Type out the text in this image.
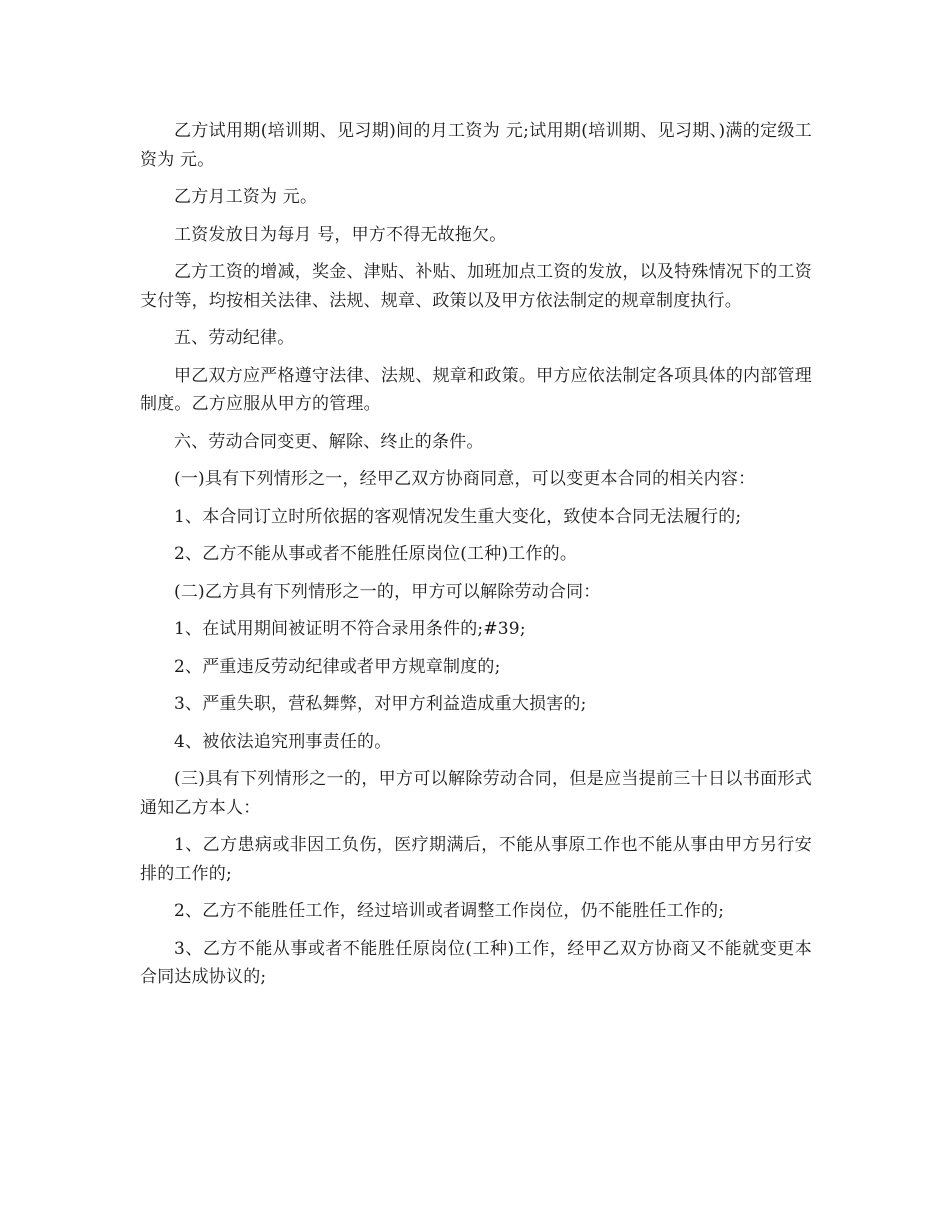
乙方试用期(培训期、见习期)间的月工资为 元;试用期(培训期、见习期、)满的定级工资为 元。

乙方月工资为 元。

工资发放日为每月 号，甲方不得无故拖欠。

乙方工资的增减，奖金、津贴、补贴、加班加点工资的发放，以及特殊情况下的工资支付等，均按相关法律、法规、规章、政策以及甲方依法制定的规章制度执行。

五、劳动纪律。

甲乙双方应严格遵守法律、法规、规章和政策。甲方应依法制定各项具体的内部管理制度。乙方应服从甲方的管理。

六、劳动合同变更、解除、终止的条件。

(一)具有下列情形之一，经甲乙双方协商同意，可以变更本合同的相关内容：

1、本合同订立时所依据的客观情况发生重大变化，致使本合同无法履行的;

2、乙方不能从事或者不能胜任原岗位(工种)工作的。

(二)乙方具有下列情形之一的，甲方可以解除劳动合同：

1、在试用期间被证明不符合录用条件的;#39;

2、严重违反劳动纪律或者甲方规章制度的;

3、严重失职，营私舞弊，对甲方利益造成重大损害的;

4、被依法追究刑事责任的。

(三)具有下列情形之一的，甲方可以解除劳动合同，但是应当提前三十日以书面形式通知乙方本人：

1、乙方患病或非因工负伤，医疗期满后，不能从事原工作也不能从事由甲方另行安排的工作的;

2、乙方不能胜任工作，经过培训或者调整工作岗位，仍不能胜任工作的;

3、乙方不能从事或者不能胜任原岗位(工种)工作，经甲乙双方协商又不能就变更本合同达成协议的;
